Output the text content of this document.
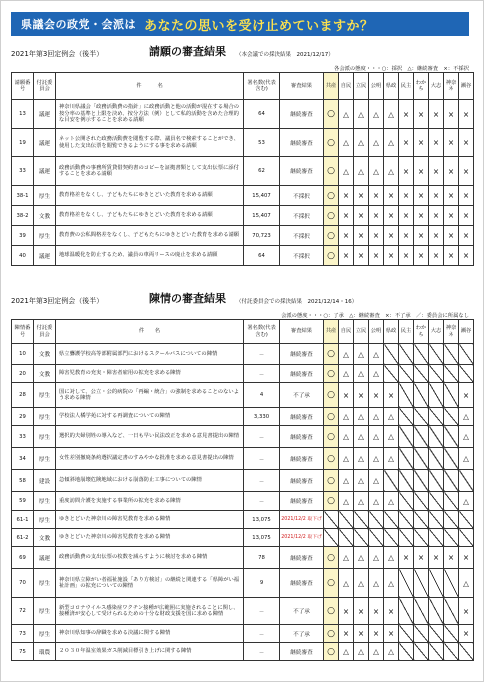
県議会の政党・会派は あなたの思いを受け止めていますか？
2021年第3回定例会（後半）	請願の審査結果 （本会議での採決結果　2021/12/17）
各会派の態度・・・○：採択　△：継続審査　×：不採択
請願番号	付託委員会	件　　　名	署名数(代表含む)	審査結果	共産	自民	立民	公明	県政	民主	わかち	大志	神奈ネ	瀬谷
13	議運	神奈川県議会「政務活動費の指針」に政務活動と他の活動が混在する場合の按分率の基準と上限を決め、按分方法（例）として私的活動を含めた合理的な目安を例示することを求める請願	64	継続審査	○	△	△	△	△	×	×	×	×	×
19	議運	ネット公開された政務活動費を閲覧する際、議員名で検索することができ、使用した支出伝票を閲覧できるようにする事を求める請願	53	継続審査	○	△	△	△	△	×	×	×	×	×
33	議運	政務活動費の事務所賃貸借契約書のコピーを証拠書類として支出伝票に添付することを求める請願	62	継続審査	○	△	△	△	△	×	×	×	×	×
38-1	厚生	教育格差をなくし、子どもたちにゆきとどいた教育を求める請願	15,407	不採択	○	×	×	×	×	×	×	×	×	×
38-2	文教	教育格差をなくし、子どもたちにゆきとどいた教育を求める請願	15,407	不採択	○	×	×	×	×	×	×	×	×	×
39	厚生	教育費の公私間格差をなくし、子どもたちにゆきとどいた教育を求める請願	70,723	不採択	○	×	×	×	×	×	×	×	×	×
40	議運	地球温暖化を防止するため、議員の車両リースの廃止を求める請願	64	不採択	○	×	×	×	×	×	×	×	×	×
2021年第3回定例会（後半）	陳情の審査結果 （付託委員会での採決結果　2021/12/14・16）
会派の態度・・・○：了承　△：継続審査　×：不了承　／：委員会に所属なし
陳情番号	付託委員会	件　　名	署名数(代表含む)	審査結果	共産	自民	立民	公明	県政	民主	わかち	大志	神奈ネ	瀬谷
10	文教	県立聾護学校高等部附属部門におけるスクールバスについての陳情	－	継続審査	○	△	△	△						
20	文教	障害児教育の充実・障害者雇用の拡充を求める陳情	－	継続審査	○	△	△	△						
28	厚生	国に対して、公立・公的病院の「再編・統合」の強制を求めることのないよう求める陳情	4	不了承	○	×	×	×	×					×
29	厚生	学校法人橘学苑に対する再調査についての陳情	3,330	継続審査	○	△	△	△	△					△
33	厚生	選択的夫婦別姓の導入など、一日も早い民法改正を求める意見書提出の陳情	－	継続審査	○	△	△	△	△					△
34	厚生	女性差別撤廃条約選択議定書のすみやかな批准を求める意見書提出の陳情	－	継続審査	○	△	△	△	△					△
58	建設	急傾斜地崩壊危険地域における崩落防止工事についての陳情	－	継続審査	○	△	△	△						
59	厚生	重度訪問介護を実施する事業所の拡充を求める陳情	－	継続審査	○	△	△	△	△					△
61-1	厚生	ゆきとどいた神奈川の障害児教育を求める陳情	13,075	2021/12/2 取下げ										
61-2	文教	ゆきとどいた神奈川の障害児教育を求める陳情	13,075	2021/12/2 取下げ										
69	議運	政務活動費の支出伝票の枚数を減らすように検討を求める陳情	78	継続審査	○	△	△	△	△	×	×	×	×	×
70	厚生	神奈川県立障がい者福祉施設「あり方検討」の継続と関連する「県障がい福祉計画」の拡充についての陳情	9	継続審査	○	△	△	△	△					△
72	厚生	新型コロナウイルス感染症ワクチン接種が広範囲に実施されることに関し、接種済が安心して受けられるための十分な財政支援を国に求める陳情	－	不了承	○	×	×	×	×					×
73	厚生	神奈川県知事の辞職を求める決議に関する陳情	－	不了承	○	×	×	×	×					×
75	環農	２０３０年温室効果ガス削減目標引き上げに関する陳情	－	継続審査	○	△	△	△	△					
